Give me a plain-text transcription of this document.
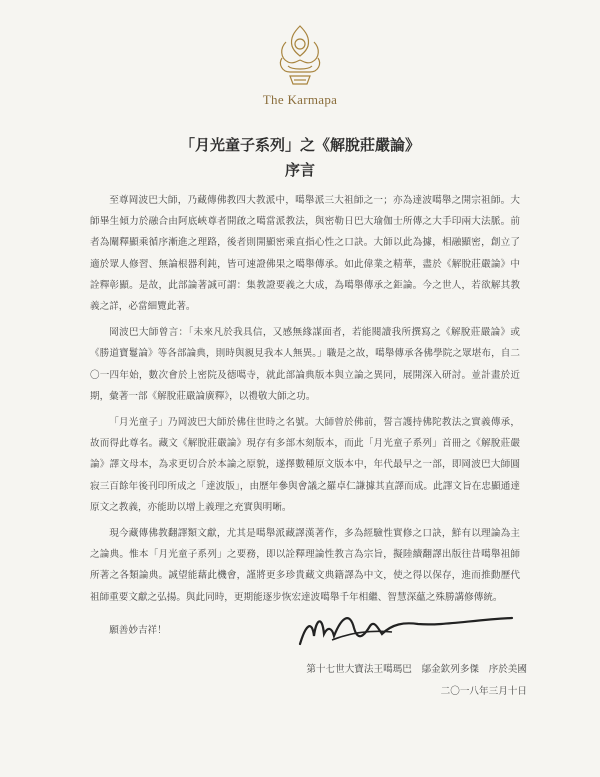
The Karmapa
「月光童子系列」之《解脫莊嚴論》
序言

至尊岡波巴大師，乃藏傳佛教四大教派中，噶舉派三大祖師之一；亦為達波噶舉之開宗祖師。大師畢生傾力於融合由阿底峽尊者開啟之噶當派教法，與密勒日巴大瑜伽士所傳之大手印兩大法脈。前者為闡釋顯乘循序漸進之理路，後者則開顯密乘直指心性之口訣。大師以此為據，相融顯密，創立了適於眾人修習、無論根器利鈍，皆可速證佛果之噶舉傳承。如此偉業之精華，盡於《解脫莊嚴論》中詮釋彰顯。是故，此部論著誠可謂：集教證要義之大成，為噶舉傳承之鉅論。今之世人，若欲解其教義之詳，必當細覽此著。

岡波巴大師曾言：「未來凡於我具信，又感無緣謀面者，若能閱讀我所撰寫之《解脫莊嚴論》或《勝道寶鬘論》等各部論典，則時與親見我本人無異。」職是之故，噶舉傳承各佛學院之眾堪布，自二〇一四年始，數次會於上密院及德噶寺，就此部論典版本與立論之異同，展開深入研討。並計畫於近期，彙著一部《解脫莊嚴論廣釋》，以禮敬大師之功。

「月光童子」乃岡波巴大師於佛住世時之名號。大師曾於佛前，誓言護持佛陀教法之實義傳承，故而得此尊名。藏文《解脫莊嚴論》現存有多部木刻版本，而此「月光童子系列」首冊之《解脫莊嚴論》譯文母本，為求更切合於本論之原貌，遂擇數種原文版本中，年代最早之一部，即岡波巴大師圓寂三百餘年後刊印所成之「達波版」，由歷年參與會議之羅卓仁謙據其直譯而成。此譯文旨在忠顯通達原文之教義，亦能助以增上義理之充實與明晰。

現今藏傳佛教翻譯類文獻，尤其是噶舉派藏譯漢著作，多為經驗性實修之口訣，鮮有以理論為主之論典。惟本「月光童子系列」之要務，即以詮釋理論性教言為宗旨，擬陸續翻譯出版往昔噶舉祖師所著之各類論典。誠望能藉此機會，謹將更多珍貴藏文典籍譯為中文，使之得以保存，進而推動歷代祖師重要文獻之弘揚。與此同時，更期能逐步恢宏達波噶舉千年相繼、智慧深蘊之殊勝講修傳統。

願善妙吉祥！
第十七世大寶法王噶瑪巴　鄔金欽列多傑　序於美國
二〇一八年三月十日
